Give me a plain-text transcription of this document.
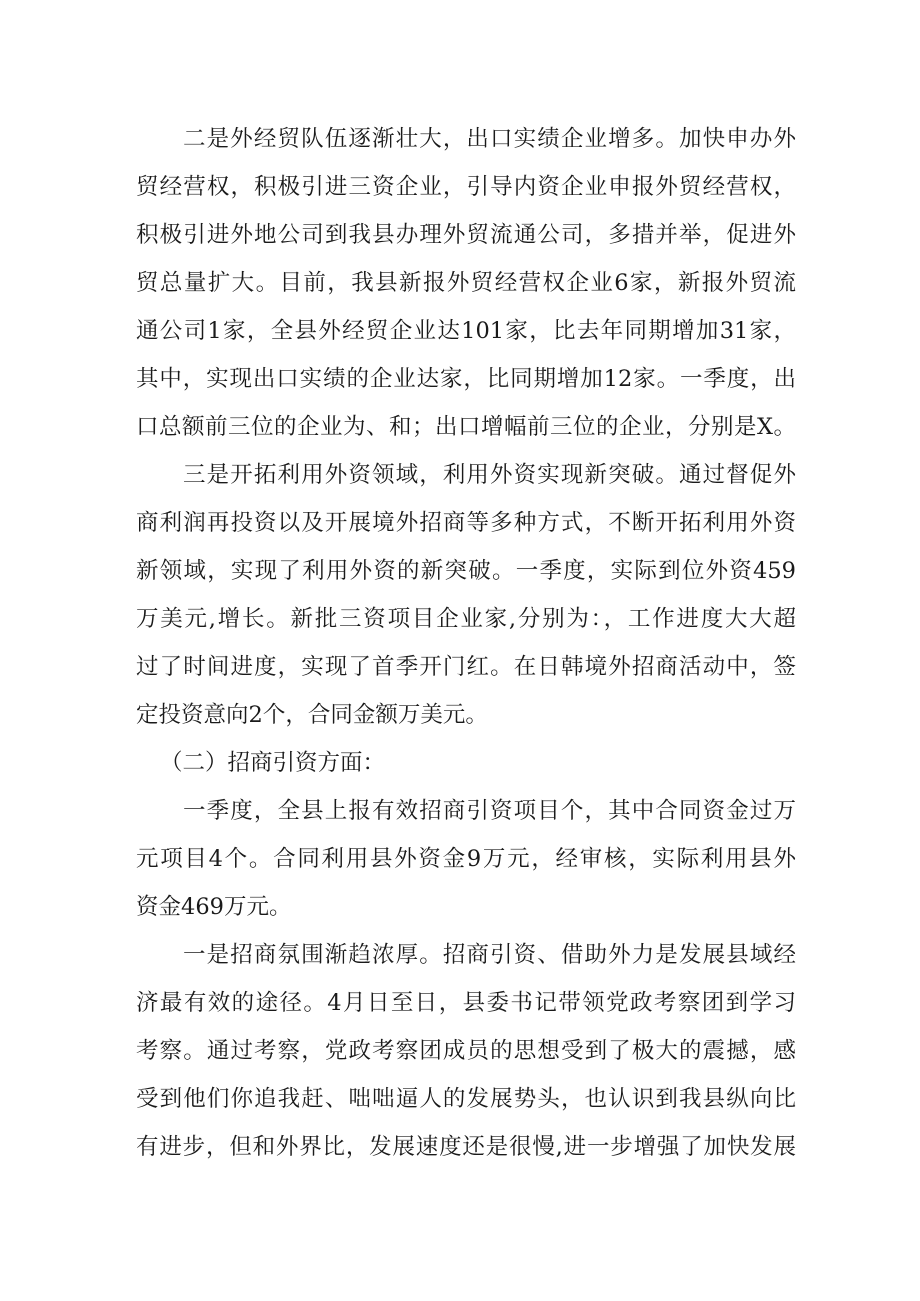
二是外经贸队伍逐渐壮大，出口实绩企业增多。加快申办外

贸经营权，积极引进三资企业，引导内资企业申报外贸经营权，

积极引进外地公司到我县办理外贸流通公司，多措并举，促进外

贸总量扩大。目前，我县新报外贸经营权企业6家，新报外贸流

通公司1家，全县外经贸企业达101家，比去年同期增加31家，

其中，实现出口实绩的企业达家，比同期增加12家。一季度，出

口总额前三位的企业为、和；出口增幅前三位的企业，分别是X。

三是开拓利用外资领域，利用外资实现新突破。通过督促外

商利润再投资以及开展境外招商等多种方式，不断开拓利用外资

新领域，实现了利用外资的新突破。一季度，实际到位外资459

万美元,增长。新批三资项目企业家,分别为：，工作进度大大超

过了时间进度，实现了首季开门红。在日韩境外招商活动中，签

定投资意向2个，合同金额万美元。

（二）招商引资方面：

一季度，全县上报有效招商引资项目个，其中合同资金过万

元项目4个。合同利用县外资金9万元，经审核，实际利用县外

资金469万元。

一是招商氛围渐趋浓厚。招商引资、借助外力是发展县域经

济最有效的途径。4月日至日，县委书记带领党政考察团到学习

考察。通过考察，党政考察团成员的思想受到了极大的震撼，感

受到他们你追我赶、咄咄逼人的发展势头，也认识到我县纵向比

有进步，但和外界比，发展速度还是很慢,进一步增强了加快发展
